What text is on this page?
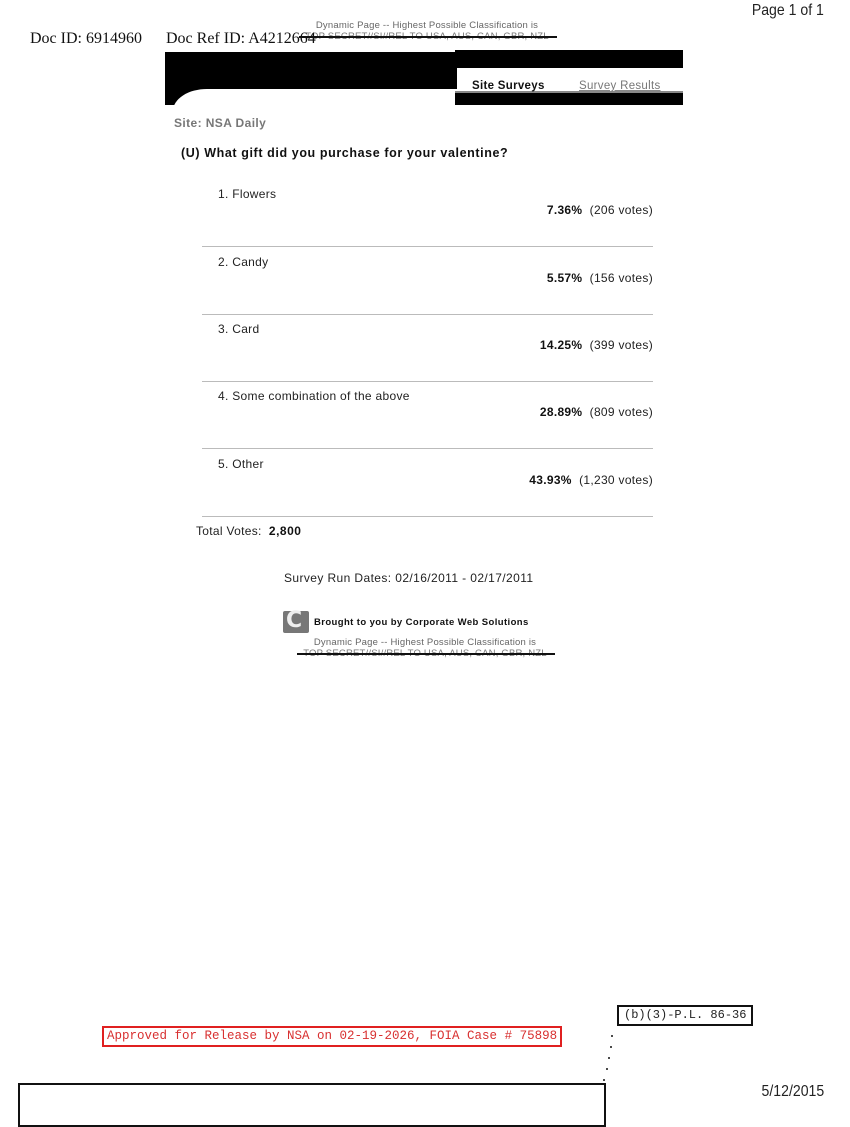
Page 1 of 1
Doc ID: 6914960 Doc Ref ID: A4212664
Dynamic Page -- Highest Possible Classification is
Site Surveys	Survey Results
Site: NSA Daily
(U) What gift did you purchase for your valentine?
1. Flowers
7.36% (206 votes)
2. Candy
5.57% (156 votes)
3. Card
14.25% (399 votes)
4. Some combination of the above
28.89% (809 votes)
5. Other
43.93% (1,230 votes)
Total Votes: 2,800
Survey Run Dates: 02/16/2011 - 02/17/2011
C Brought to you by Corporate Web Solutions
Dynamic Page -- Highest Possible Classification is
(b)(3)-P.L. 86-36
Approved for Release by NSA on 02-19-2026, FOIA Case # 75898
5/12/2015
